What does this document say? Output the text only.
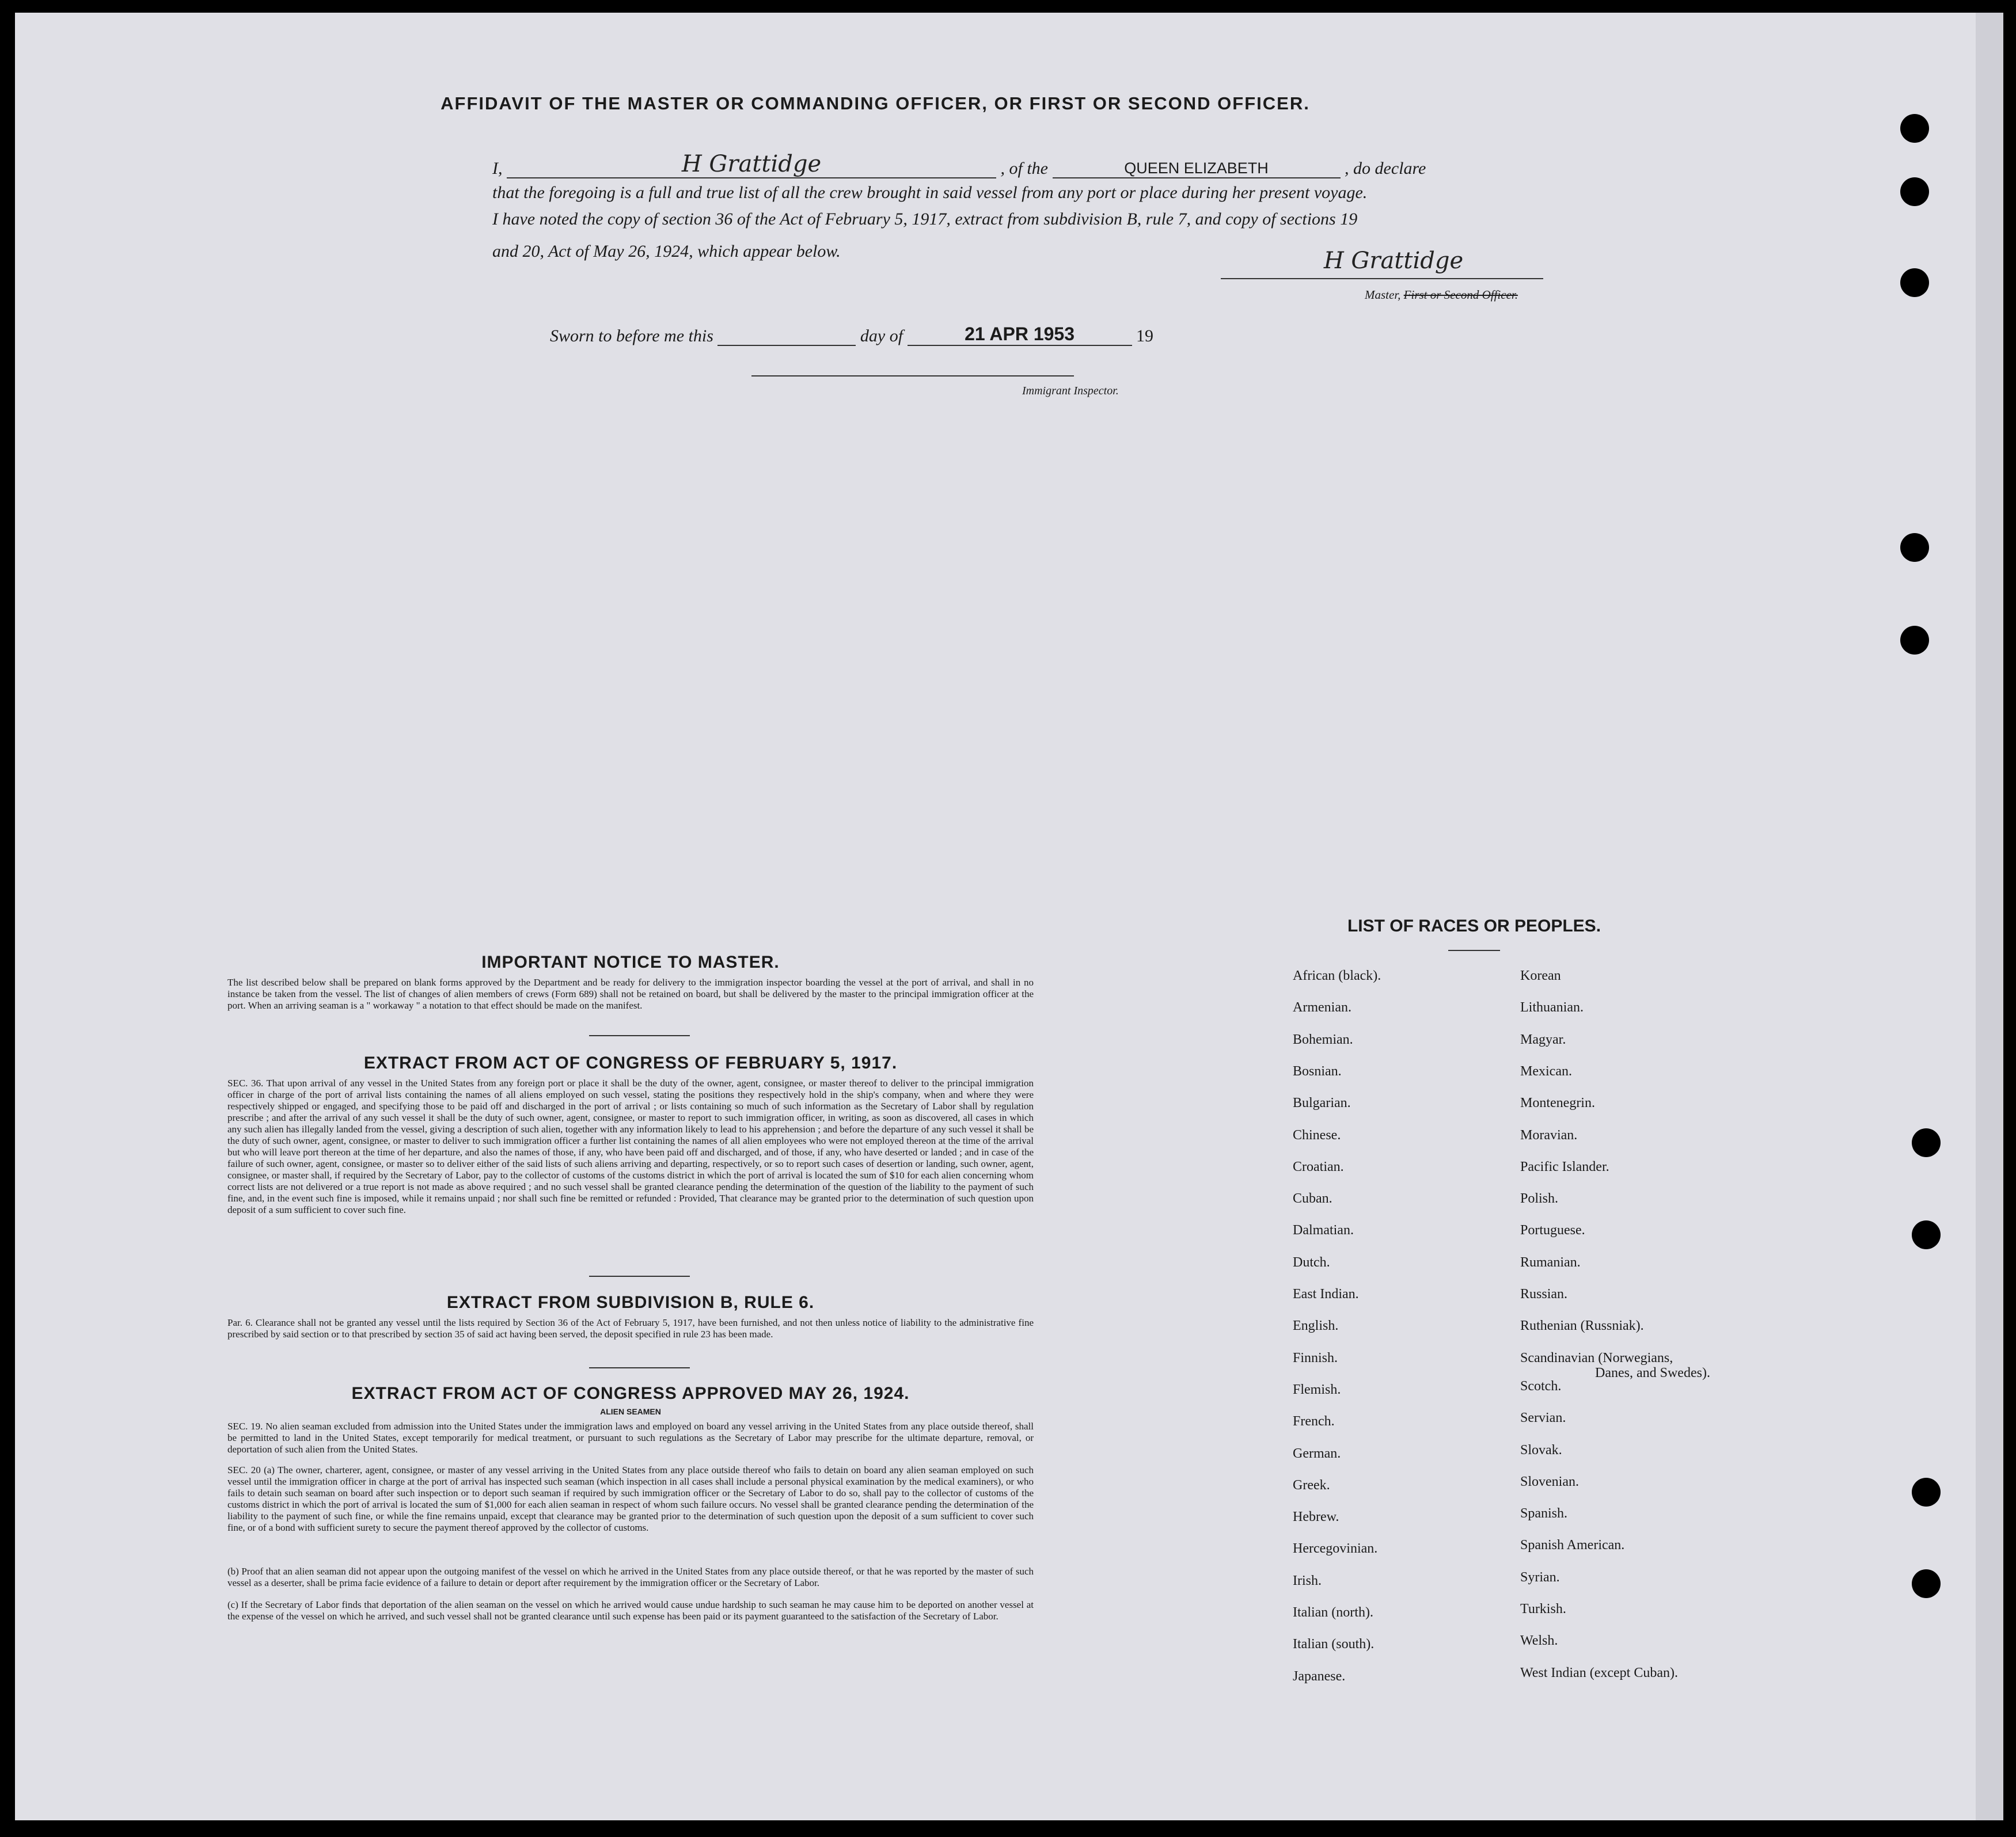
AFFIDAVIT OF THE MASTER OR COMMANDING OFFICER, OR FIRST OR SECOND OFFICER.
I,	H Grattidge	, of the	QUEEN ELIZABETH	, do declare
that the foregoing is a full and true list of all the crew brought in said vessel from any port or place during her present voyage.
I have noted the copy of section 36 of the Act of February 5, 1917, extract from subdivision B, rule 7, and copy of sections 19
and 20, Act of May 26, 1924, which appear below.	H Grattidge
Master, First or Second Officer.
Sworn to before me this	day of	21 APR 1953	19
Immigrant Inspector.
IMPORTANT NOTICE TO MASTER.
The list described below shall be prepared on blank forms approved by the Department and be ready for delivery to the immigration inspector boarding the vessel at the port of arrival, and shall in no instance be taken from the vessel. The list of changes of alien members of crews (Form 689) shall not be retained on board, but shall be delivered by the master to the principal immigration officer at the port. When an arriving seaman is a " workaway " a notation to that effect should be made on the manifest.
EXTRACT FROM ACT OF CONGRESS OF FEBRUARY 5, 1917.
SEC. 36. That upon arrival of any vessel in the United States from any foreign port or place it shall be the duty of the owner, agent, consignee, or master thereof to deliver to the principal immigration officer in charge of the port of arrival lists containing the names of all aliens employed on such vessel, stating the positions they respectively hold in the ship's company, when and where they were respectively shipped or engaged, and specifying those to be paid off and discharged in the port of arrival ; or lists containing so much of such information as the Secretary of Labor shall by regulation prescribe ; and after the arrival of any such vessel it shall be the duty of such owner, agent, consignee, or master to report to such immigration officer, in writing, as soon as discovered, all cases in which any such alien has illegally landed from the vessel, giving a description of such alien, together with any information likely to lead to his apprehension ; and before the departure of any such vessel it shall be the duty of such owner, agent, consignee, or master to deliver to such immigration officer a further list containing the names of all alien employees who were not employed thereon at the time of the arrival but who will leave port thereon at the time of her departure, and also the names of those, if any, who have been paid off and discharged, and of those, if any, who have deserted or landed ; and in case of the failure of such owner, agent, consignee, or master so to deliver either of the said lists of such aliens arriving and departing, respectively, or so to report such cases of desertion or landing, such owner, agent, consignee, or master shall, if required by the Secretary of Labor, pay to the collector of customs of the customs district in which the port of arrival is located the sum of $10 for each alien concerning whom correct lists are not delivered or a true report is not made as above required ; and no such vessel shall be granted clearance pending the determination of the question of the liability to the payment of such fine, and, in the event such fine is imposed, while it remains unpaid ; nor shall such fine be remitted or refunded : Provided, That clearance may be granted prior to the determination of such question upon deposit of a sum sufficient to cover such fine.
EXTRACT FROM SUBDIVISION B, RULE 6.
Par. 6. Clearance shall not be granted any vessel until the lists required by Section 36 of the Act of February 5, 1917, have been furnished, and not then unless notice of liability to the administrative fine prescribed by said section or to that prescribed by section 35 of said act having been served, the deposit specified in rule 23 has been made.
EXTRACT FROM ACT OF CONGRESS APPROVED MAY 26, 1924.
ALIEN SEAMEN
SEC. 19. No alien seaman excluded from admission into the United States under the immigration laws and employed on board any vessel arriving in the United States from any place outside thereof, shall be permitted to land in the United States, except temporarily for medical treatment, or pursuant to such regulations as the Secretary of Labor may prescribe for the ultimate departure, removal, or deportation of such alien from the United States.
SEC. 20 (a) The owner, charterer, agent, consignee, or master of any vessel arriving in the United States from any place outside thereof who fails to detain on board any alien seaman employed on such vessel until the immigration officer in charge at the port of arrival has inspected such seaman (which inspection in all cases shall include a personal physical examination by the medical examiners), or who fails to detain such seaman on board after such inspection or to deport such seaman if required by such immigration officer or the Secretary of Labor to do so, shall pay to the collector of customs of the customs district in which the port of arrival is located the sum of $1,000 for each alien seaman in respect of whom such failure occurs. No vessel shall be granted clearance pending the determination of the liability to the payment of such fine, or while the fine remains unpaid, except that clearance may be granted prior to the determination of such question upon the deposit of a sum sufficient to cover such fine, or of a bond with sufficient surety to secure the payment thereof approved by the collector of customs.
(b) Proof that an alien seaman did not appear upon the outgoing manifest of the vessel on which he arrived in the United States from any place outside thereof, or that he was reported by the master of such vessel as a deserter, shall be prima facie evidence of a failure to detain or deport after requirement by the immigration officer or the Secretary of Labor.
(c) If the Secretary of Labor finds that deportation of the alien seaman on the vessel on which he arrived would cause undue hardship to such seaman he may cause him to be deported on another vessel at the expense of the vessel on which he arrived, and such vessel shall not be granted clearance until such expense has been paid or its payment guaranteed to the satisfaction of the Secretary of Labor.
LIST OF RACES OR PEOPLES.
African (black).
Armenian.
Bohemian.
Bosnian.
Bulgarian.
Chinese.
Croatian.
Cuban.
Dalmatian.
Dutch.
East Indian.
English.
Finnish.
Flemish.
French.
German.
Greek.
Hebrew.
Hercegovinian.
Irish.
Italian (north).
Italian (south).
Japanese.
Korean
Lithuanian.
Magyar.
Mexican.
Montenegrin.
Moravian.
Pacific Islander.
Polish.
Portuguese.
Rumanian.
Russian.
Ruthenian (Russniak).
Scandinavian (Norwegians,
Danes, and Swedes).
Scotch.
Servian.
Slovak.
Slovenian.
Spanish.
Spanish American.
Syrian.
Turkish.
Welsh.
West Indian (except Cuban).
